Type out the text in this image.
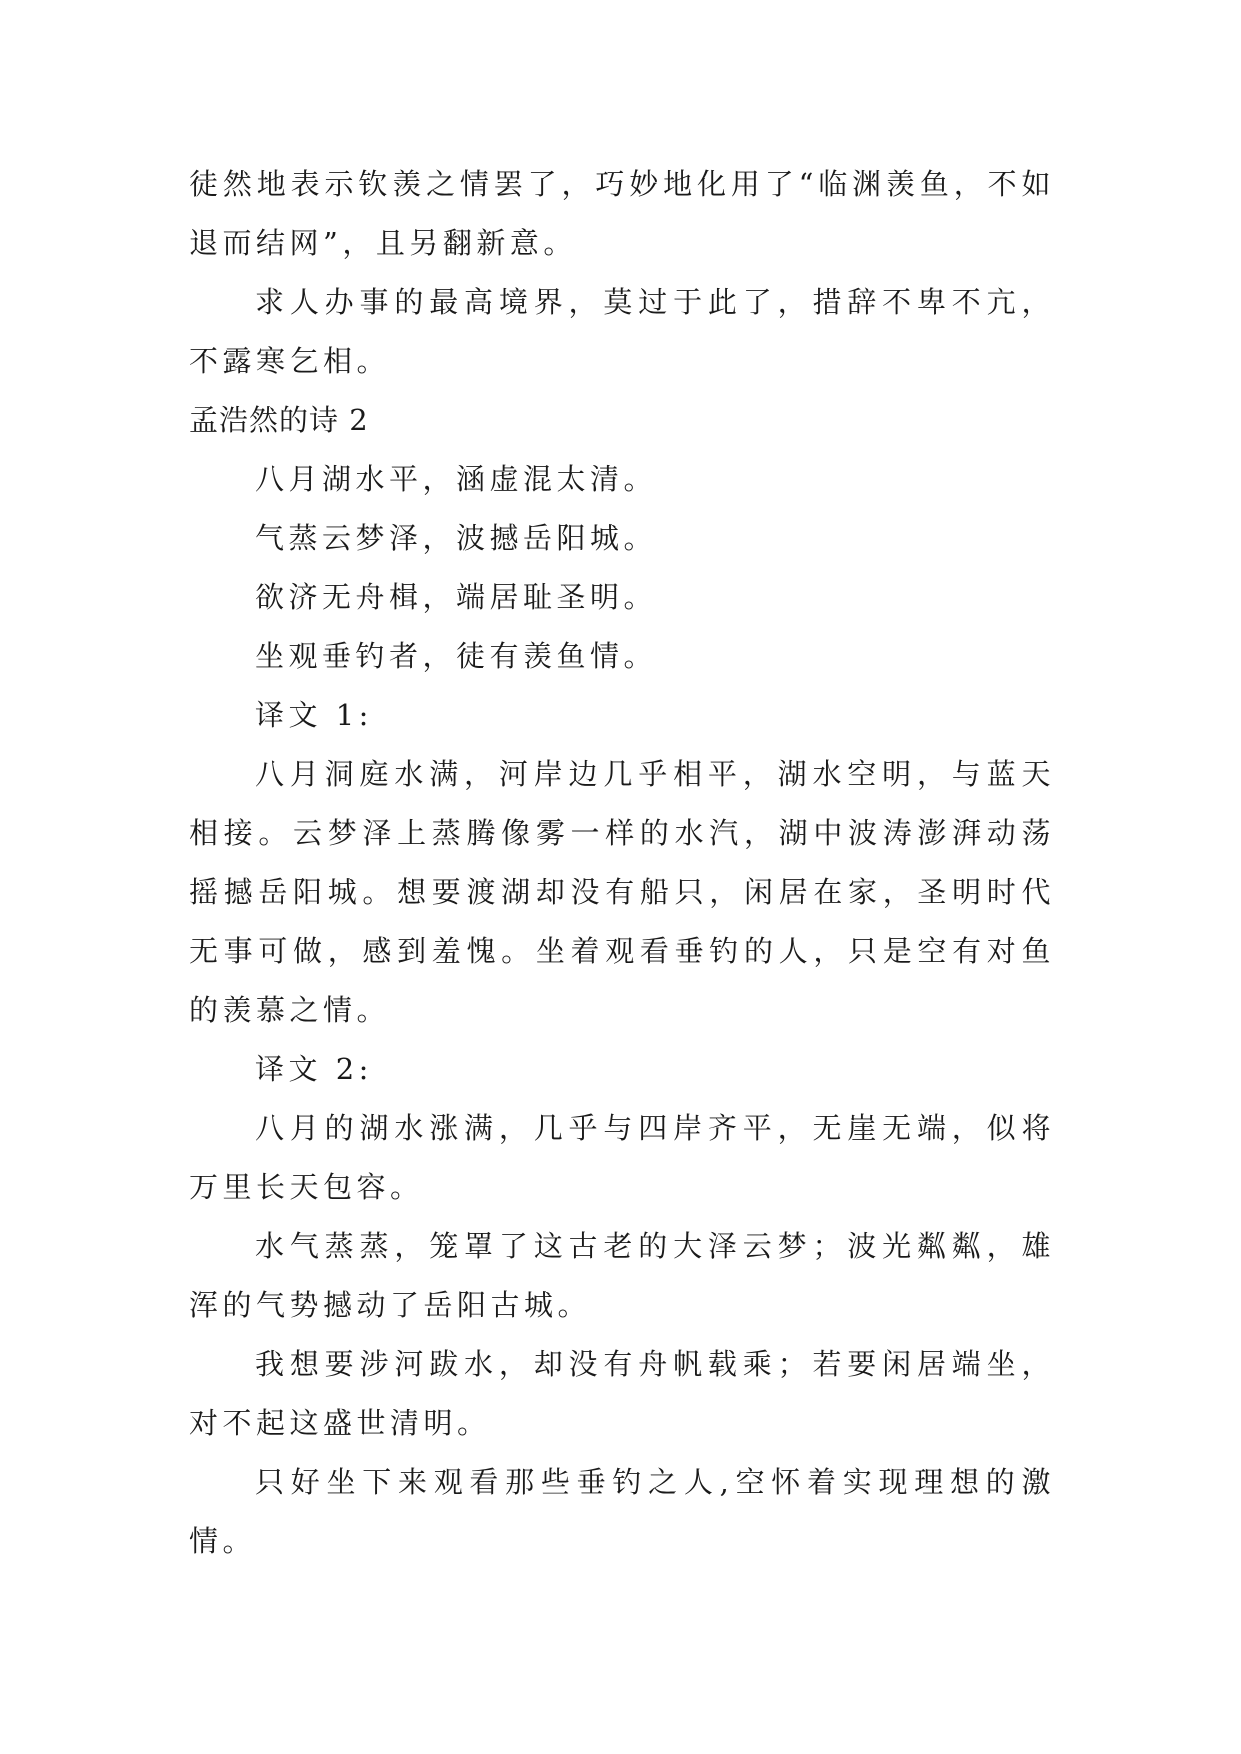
徒然地表示钦羡之情罢了，巧妙地化用了“临渊羡鱼，不如退而结网”，且另翻新意。

求人办事的最高境界，莫过于此了，措辞不卑不亢，不露寒乞相。

孟浩然的诗 2

八月湖水平，涵虚混太清。

气蒸云梦泽，波撼岳阳城。

欲济无舟楫，端居耻圣明。

坐观垂钓者，徒有羡鱼情。

译文 1:

八月洞庭水满，河岸边几乎相平，湖水空明，与蓝天相接。云梦泽上蒸腾像雾一样的水汽，湖中波涛澎湃动荡摇撼岳阳城。想要渡湖却没有船只，闲居在家，圣明时代无事可做，感到羞愧。坐着观看垂钓的人，只是空有对鱼的羡慕之情。

译文 2:

八月的湖水涨满，几乎与四岸齐平，无崖无端，似将万里长天包容。

水气蒸蒸，笼罩了这古老的大泽云梦；波光粼粼，雄浑的气势撼动了岳阳古城。

我想要涉河跋水，却没有舟帆载乘；若要闲居端坐，对不起这盛世清明。

只好坐下来观看那些垂钓之人,空怀着实现理想的激情。
